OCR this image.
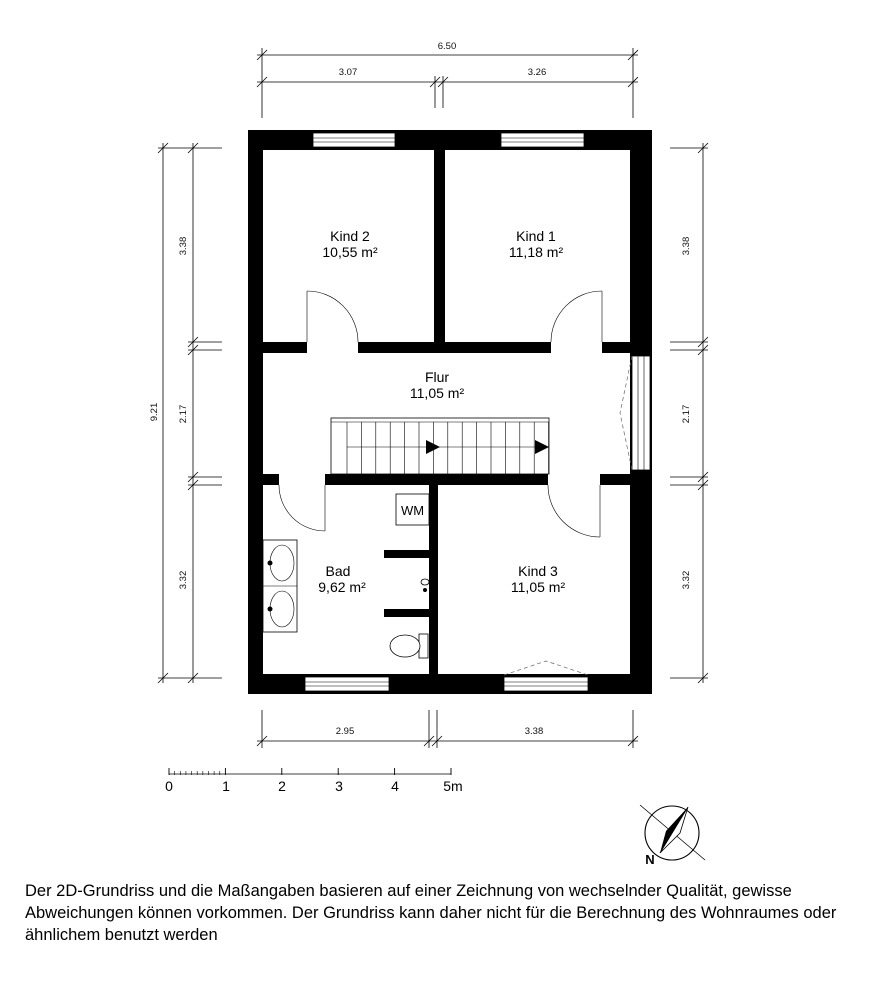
6.50
3.07	3.26
9.21
3.38
2.17
3.32
3.38
2.17
3.32
2.95	3.38
WM
Kind 2
10,55 m²
Kind 1
11,18 m²
Flur
11,05 m²
Bad
9,62 m²
Kind 3
11,05 m²
0	1	2	3	4	5m
N

Der 2D-Grundriss und die Maßangaben basieren auf einer Zeichnung von wechselnder Qualität, gewisse Abweichungen können vorkommen. Der Grundriss kann daher nicht für die Berechnung des Wohnraumes oder ähnlichem benutzt werden
